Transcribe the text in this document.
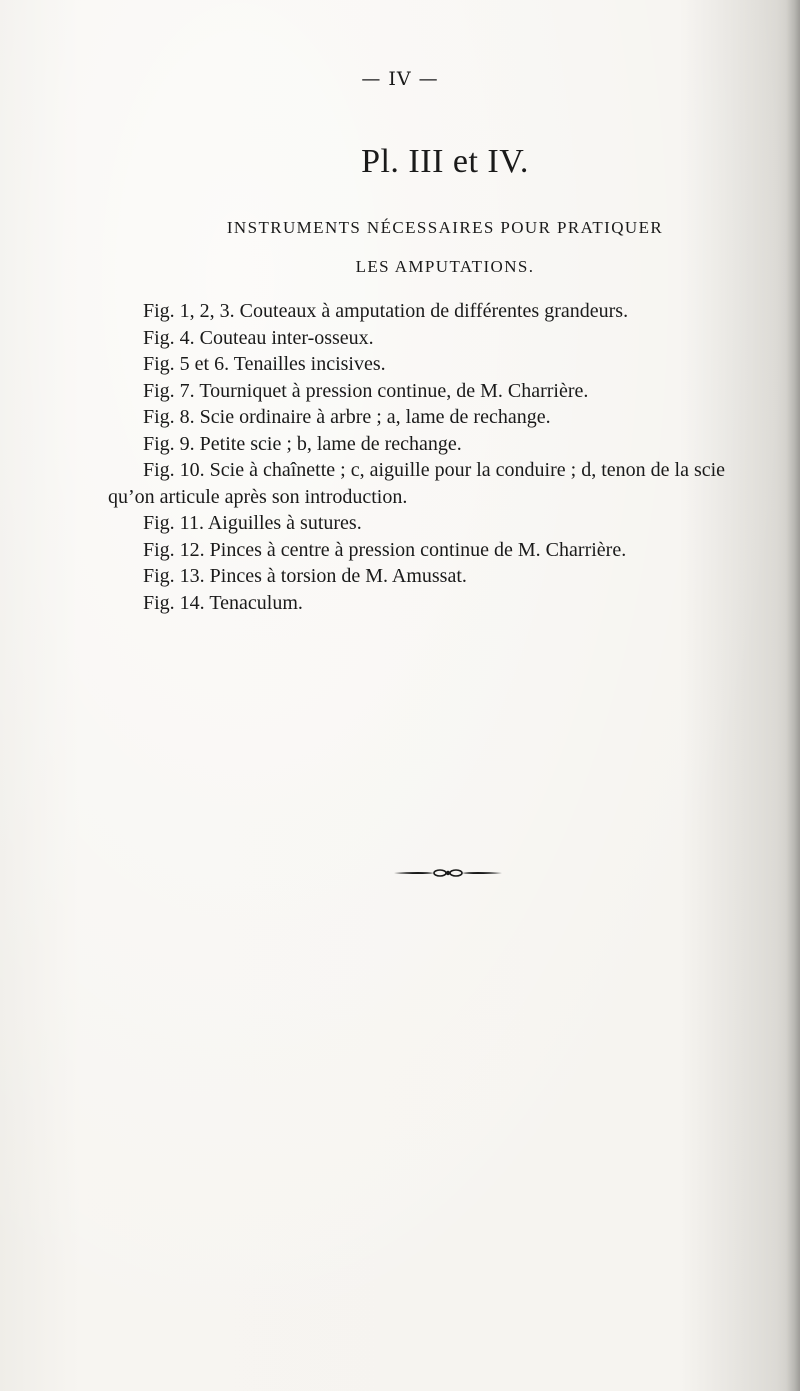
— IV —
Pl. III et IV.
INSTRUMENTS NÉCESSAIRES POUR PRATIQUER
LES AMPUTATIONS.
Fig. 1, 2, 3. Couteaux à amputation de différentes grandeurs.
Fig. 4. Couteau inter-osseux.
Fig. 5 et 6. Tenailles incisives.
Fig. 7. Tourniquet à pression continue, de M. Charrière.
Fig. 8. Scie ordinaire à arbre ; a, lame de rechange.
Fig. 9. Petite scie ; b, lame de rechange.
Fig. 10. Scie à chaînette ; c, aiguille pour la conduire ; d, tenon de la scie qu’on articule après son introduction.
Fig. 11. Aiguilles à sutures.
Fig. 12. Pinces à centre à pression continue de M. Charrière.
Fig. 13. Pinces à torsion de M. Amussat.
Fig. 14. Tenaculum.
